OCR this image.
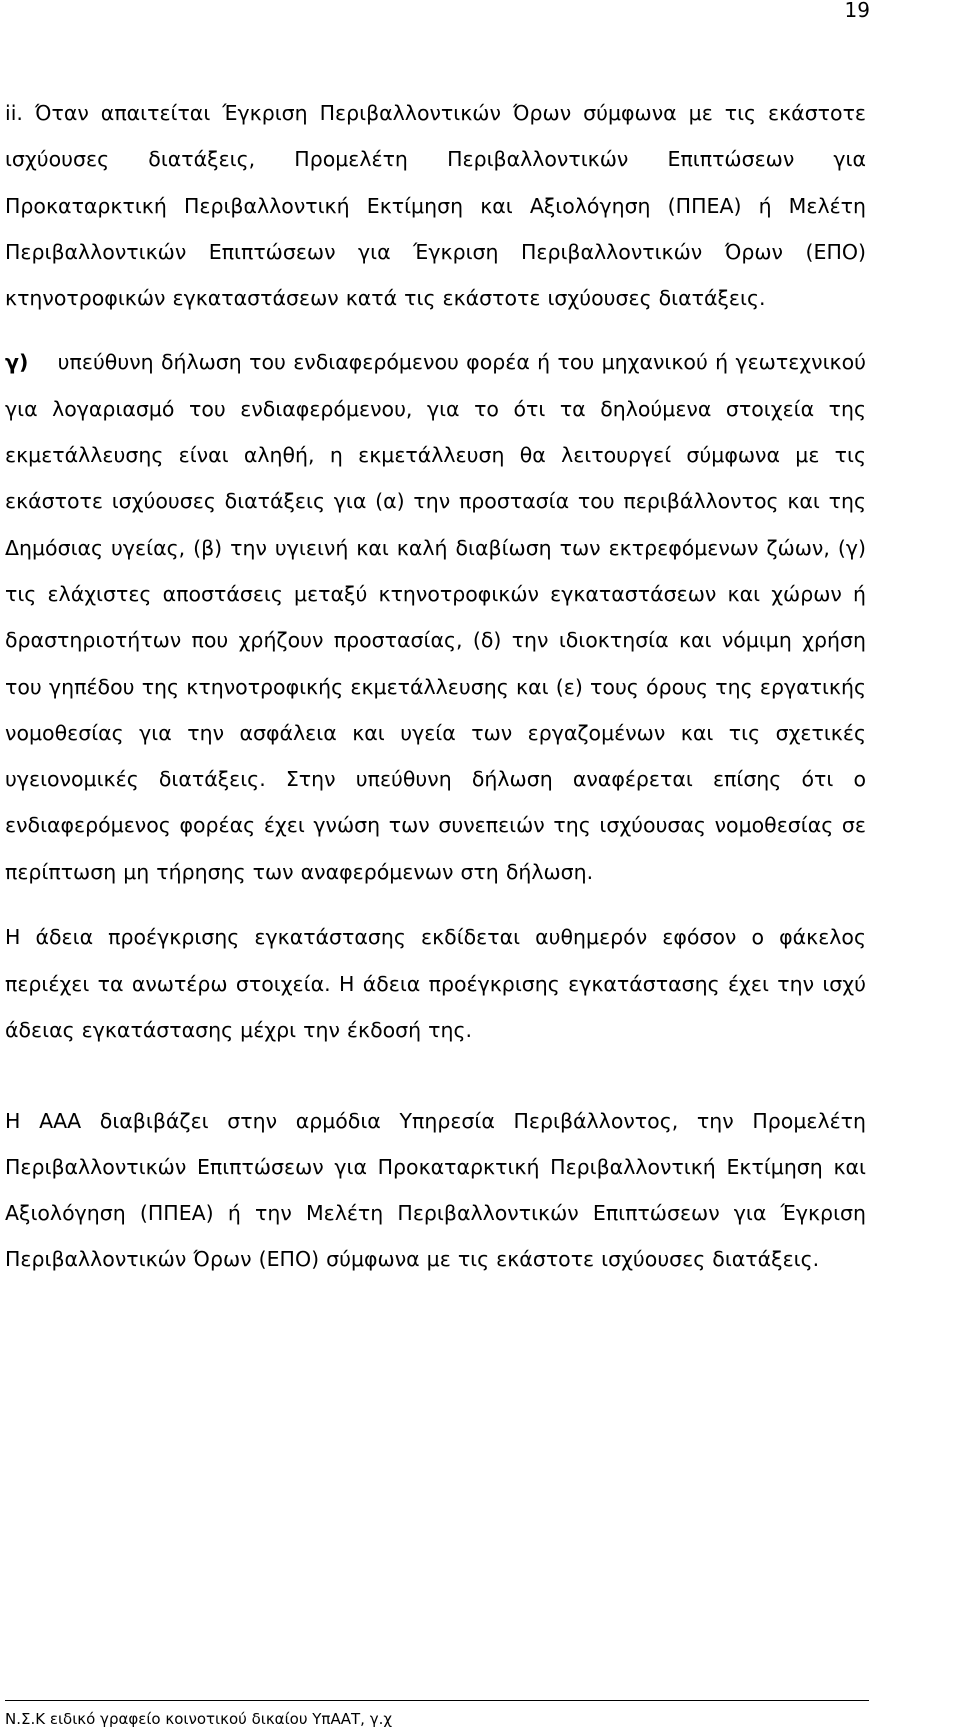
19

ii. Όταν απαιτείται Έγκριση Περιβαλλοντικών Όρων σύμφωνα με τις εκάστοτε ισχύουσες διατάξεις, Προμελέτη Περιβαλλοντικών Επιπτώσεων για Προκαταρκτική Περιβαλλοντική Εκτίμηση και Αξιολόγηση (ΠΠΕΑ) ή Μελέτη Περιβαλλοντικών Επιπτώσεων για Έγκριση Περιβαλλοντικών Όρων (ΕΠΟ) κτηνοτροφικών εγκαταστάσεων κατά τις εκάστοτε ισχύουσες διατάξεις.

γ) υπεύθυνη δήλωση του ενδιαφερόμενου φορέα ή του μηχανικού ή γεωτεχνικού για λογαριασμό του ενδιαφερόμενου, για το ότι τα δηλούμενα στοιχεία της εκμετάλλευσης είναι αληθή, η εκμετάλλευση θα λειτουργεί σύμφωνα με τις εκάστοτε ισχύουσες διατάξεις για (α) την προστασία του περιβάλλοντος και της Δημόσιας υγείας, (β) την υγιεινή και καλή διαβίωση των εκτρεφόμενων ζώων, (γ) τις ελάχιστες αποστάσεις μεταξύ κτηνοτροφικών εγκαταστάσεων και χώρων ή δραστηριοτήτων που χρήζουν προστασίας, (δ) την ιδιοκτησία και νόμιμη χρήση του γηπέδου της κτηνοτροφικής εκμετάλλευσης και (ε) τους όρους της εργατικής νομοθεσίας για την ασφάλεια και υγεία των εργαζομένων και τις σχετικές υγειονομικές διατάξεις. Στην υπεύθυνη δήλωση αναφέρεται επίσης ότι ο ενδιαφερόμενος φορέας έχει γνώση των συνεπειών της ισχύουσας νομοθεσίας σε περίπτωση μη τήρησης των αναφερόμενων στη δήλωση.

Η άδεια προέγκρισης εγκατάστασης εκδίδεται αυθημερόν εφόσον ο φάκελος περιέχει τα ανωτέρω στοιχεία. Η άδεια προέγκρισης εγκατάστασης έχει την ισχύ άδειας εγκατάστασης μέχρι την έκδοσή της.

Η ΑΑΑ διαβιβάζει στην αρμόδια Υπηρεσία Περιβάλλοντος, την Προμελέτη Περιβαλλοντικών Επιπτώσεων για Προκαταρκτική Περιβαλλοντική Εκτίμηση και Αξιολόγηση (ΠΠΕΑ) ή την Μελέτη Περιβαλλοντικών Επιπτώσεων για Έγκριση Περιβαλλοντικών Όρων (ΕΠΟ) σύμφωνα με τις εκάστοτε ισχύουσες διατάξεις.

Ν.Σ.Κ ειδικό γραφείο κοινοτικού δικαίου ΥπΑΑΤ, γ.χ
